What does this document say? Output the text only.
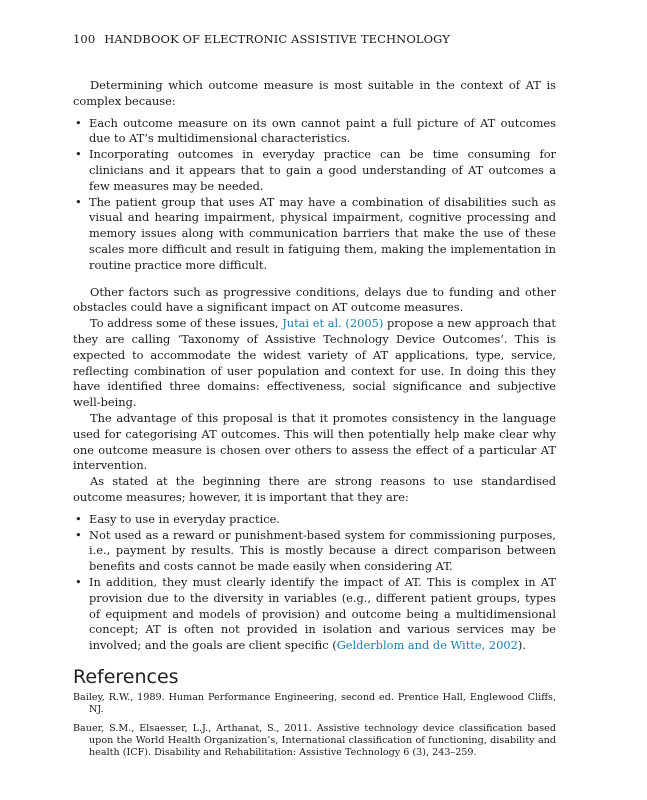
100 HANDBOOK OF ELECTRONIC ASSISTIVE TECHNOLOGY

Determining which outcome measure is most suitable in the context of AT is complex because:

• Each outcome measure on its own cannot paint a full picture of AT outcomes due to AT’s multidimensional characteristics.
• Incorporating outcomes in everyday practice can be time consuming for clinicians and it appears that to gain a good understanding of AT outcomes a few measures may be needed.
• The patient group that uses AT may have a combination of disabilities such as visual and hearing impairment, physical impairment, cognitive processing and memory issues along with communication barriers that make the use of these scales more difficult and result in fatiguing them, making the implementation in routine practice more difficult.

Other factors such as progressive conditions, delays due to funding and other obstacles could have a significant impact on AT outcome measures.

To address some of these issues, Jutai et al. (2005) propose a new approach that they are calling ‘Taxonomy of Assistive Technology Device Outcomes’. This is expected to accommodate the widest variety of AT applications, type, service, reflecting combination of user population and context for use. In doing this they have identified three domains: effectiveness, social significance and subjective well-being.

The advantage of this proposal is that it promotes consistency in the language used for categorising AT outcomes. This will then potentially help make clear why one outcome measure is chosen over others to assess the effect of a particular AT intervention.

As stated at the beginning there are strong reasons to use standardised outcome measures; however, it is important that they are:

• Easy to use in everyday practice.
• Not used as a reward or punishment-based system for commissioning purposes, i.e., payment by results. This is mostly because a direct comparison between benefits and costs cannot be made easily when considering AT.
• In addition, they must clearly identify the impact of AT. This is complex in AT provision due to the diversity in variables (e.g., different patient groups, types of equipment and models of provision) and outcome being a multidimensional concept; AT is often not provided in isolation and various services may be involved; and the goals are client specific (Gelderblom and de Witte, 2002).
References
Bailey, R.W., 1989. Human Performance Engineering, second ed. Prentice Hall, Englewood Cliffs, NJ.
Bauer, S.M., Elsaesser, L.J., Arthanat, S., 2011. Assistive technology device classification based upon the World Health Organization’s, International classification of functioning, disability and health (ICF). Disability and Rehabilitation: Assistive Technology 6 (3), 243–259.
